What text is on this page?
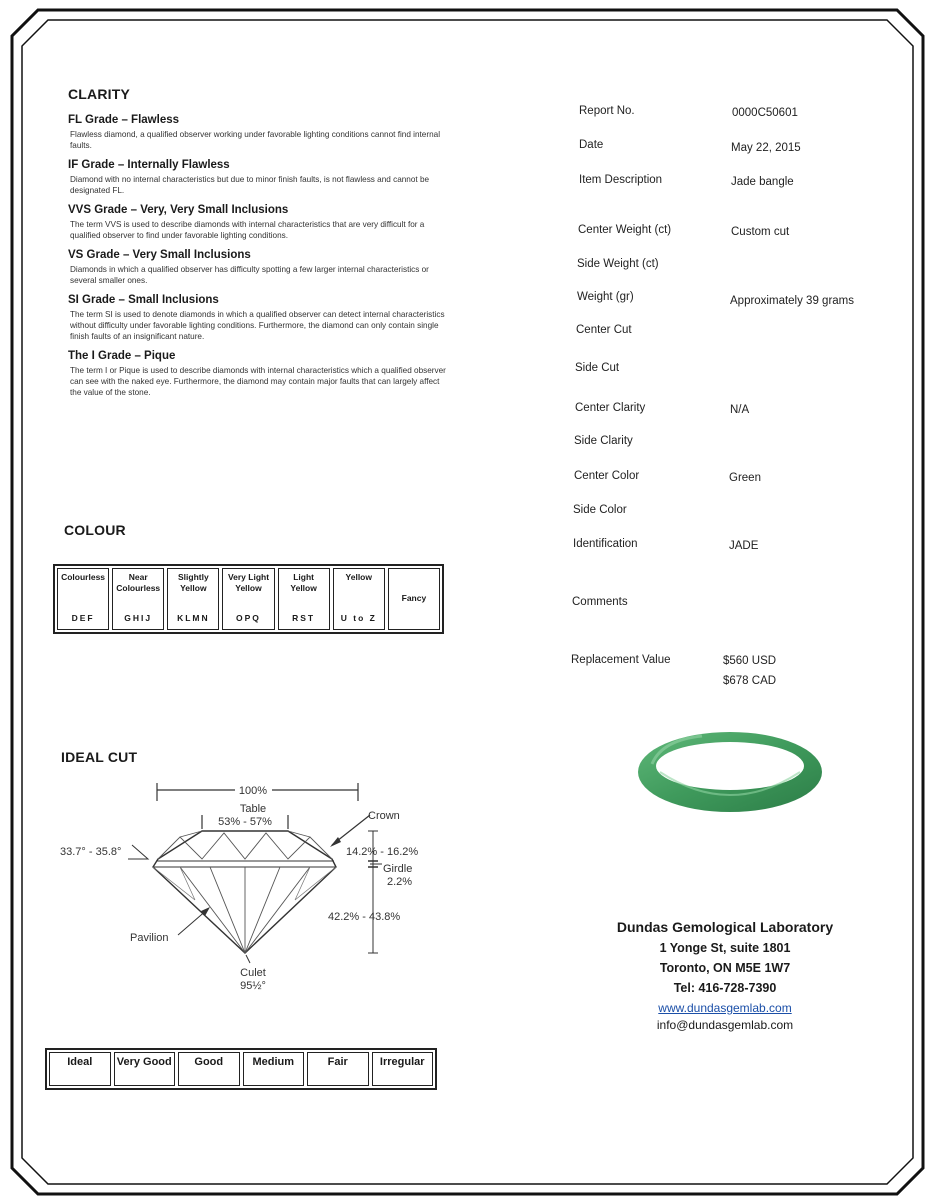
CLARITY
FL Grade – Flawless
Flawless diamond, a qualified observer working under favorable lighting conditions cannot find internal faults.
IF Grade – Internally Flawless
Diamond with no internal characteristics but due to minor finish faults, is not flawless and cannot be designated FL.
VVS Grade – Very, Very Small Inclusions
The term VVS is used to describe diamonds with internal characteristics that are very difficult for a qualified observer to find under favorable lighting conditions.
VS Grade – Very Small Inclusions
Diamonds in which a qualified observer has difficulty spotting a few larger internal characteristics or several smaller ones.
SI Grade – Small Inclusions
The term SI is used to denote diamonds in which a qualified observer can detect internal characteristics without difficulty under favorable lighting conditions. Furthermore, the diamond can only contain single finish faults of an insignificant nature.
The I Grade – Pique
The term I or Pique is used to describe diamonds with internal characteristics which a qualified observer can see with the naked eye. Furthermore, the diamond may contain major faults that can largely affect the value of the stone.
COLOUR
Colourless
DEF
Near Colourless
GHIJ
Slightly Yellow
KLMN
Very Light Yellow
OPQ
Light Yellow
RST
Yellow
U to Z
Fancy
IDEAL CUT
100%
Table
53% - 57%	Crown
33.7° - 35.8°	14.2% - 16.2%
Girdle
2.2%
42.2% - 43.8%
Pavilion
Culet
95½°
Ideal	Very Good	Good	Medium	Fair	Irregular
Report No.	0000C50601
Date	May 22, 2015
Item Description	Jade bangle
Center Weight (ct)	Custom cut
Side Weight (ct)
Weight (gr)	Approximately 39 grams
Center Cut
Side Cut
Center Clarity	N/A
Side Clarity
Center Color	Green
Side Color
Identification	JADE
Comments
Replacement Value	$560 USD
$678 CAD
Dundas Gemological Laboratory
1 Yonge St, suite 1801
Toronto, ON M5E 1W7
Tel: 416-728-7390
www.dundasgemlab.com
info@dundasgemlab.com
